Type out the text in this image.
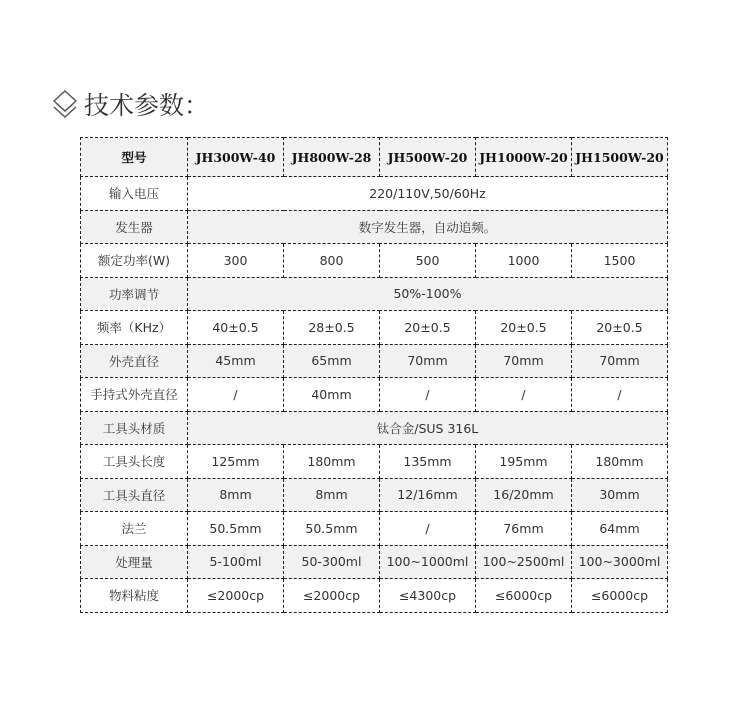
技术参数：
型号	JH300W-40	JH800W-28	JH500W-20	JH1000W-20	JH1500W-20
输入电压	220/110V,50/60Hz				
发生器	数字发生器，自动追频。				
额定功率(W)	300	800	500	1000	1500
功率调节	50%-100%				
频率（KHz）	40±0.5	28±0.5	20±0.5	20±0.5	20±0.5
外壳直径	45mm	65mm	70mm	70mm	70mm
手持式外壳直径	/	40mm	/	/	/
工具头材质	钛合金/SUS 316L				
工具头长度	125mm	180mm	135mm	195mm	180mm
工具头直径	8mm	8mm	12/16mm	16/20mm	30mm
法兰	50.5mm	50.5mm	/	76mm	64mm
处理量	5-100ml	50-300ml	100~1000ml	100~2500ml	100~3000ml
物料粘度	≤2000cp	≤2000cp	≤4300cp	≤6000cp	≤6000cp
